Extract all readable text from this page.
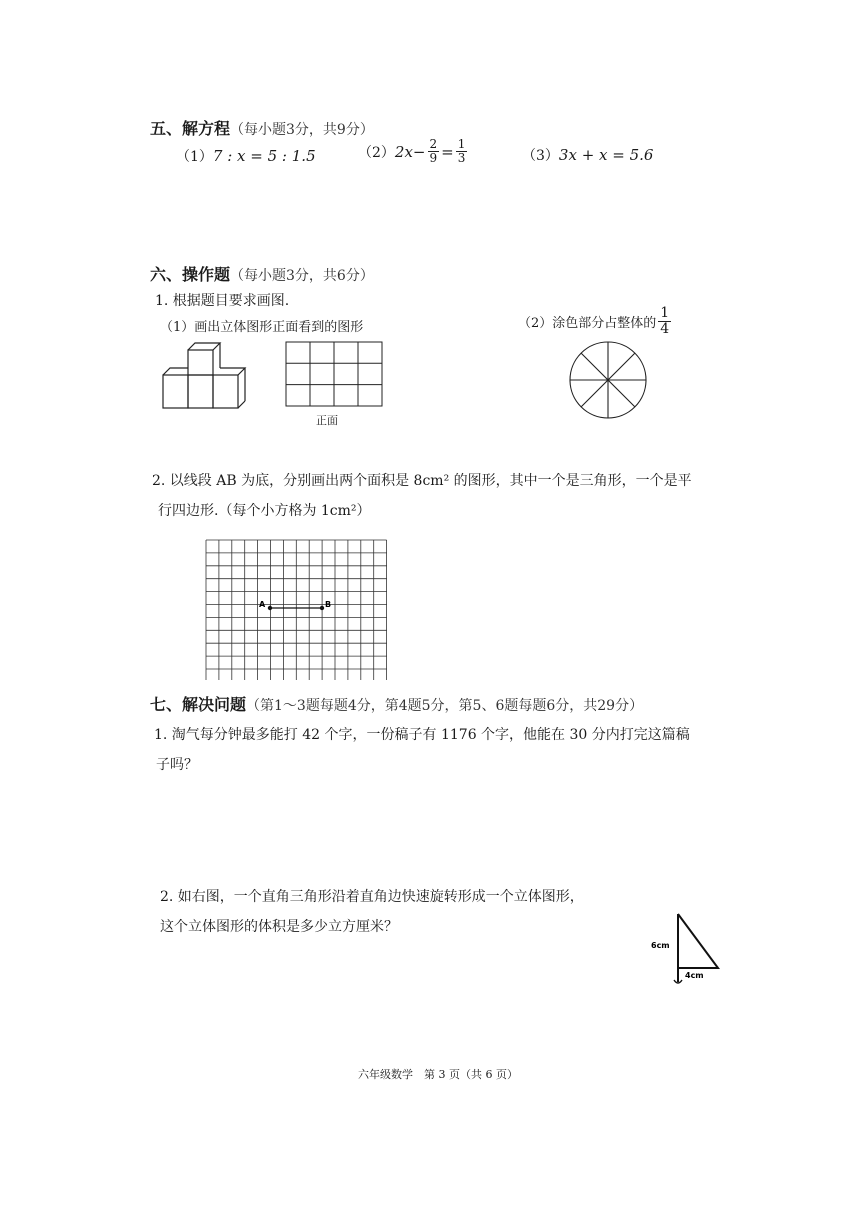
五、解方程（每小题3分，共9分）
（1）7 : x = 5 : 1.5	（2） $2x- \frac{2}{9} = \frac{1}{3}$	（3）3x + x = 5.6
六、操作题（每小题3分，共6分）
1. 根据题目要求画图.
（1）画出立体图形正面看到的图形	（2）涂色部分占整体的 $\frac{1}{4}$
正面
2. 以线段 AB 为底，分别画出两个面积是 8cm² 的图形，其中一个是三角形，一个是平
行四边形.（每个小方格为 1cm²）
A	B
七、解决问题（第1～3题每题4分，第4题5分，第5、6题每题6分，共29分）
1. 淘气每分钟最多能打 42 个字，一份稿子有 1176 个字，他能在 30 分内打完这篇稿
子吗？
2. 如右图，一个直角三角形沿着直角边快速旋转形成一个立体图形，
这个立体图形的体积是多少立方厘米？
6cm
4cm
六年级数学　第 3 页（共 6 页）
